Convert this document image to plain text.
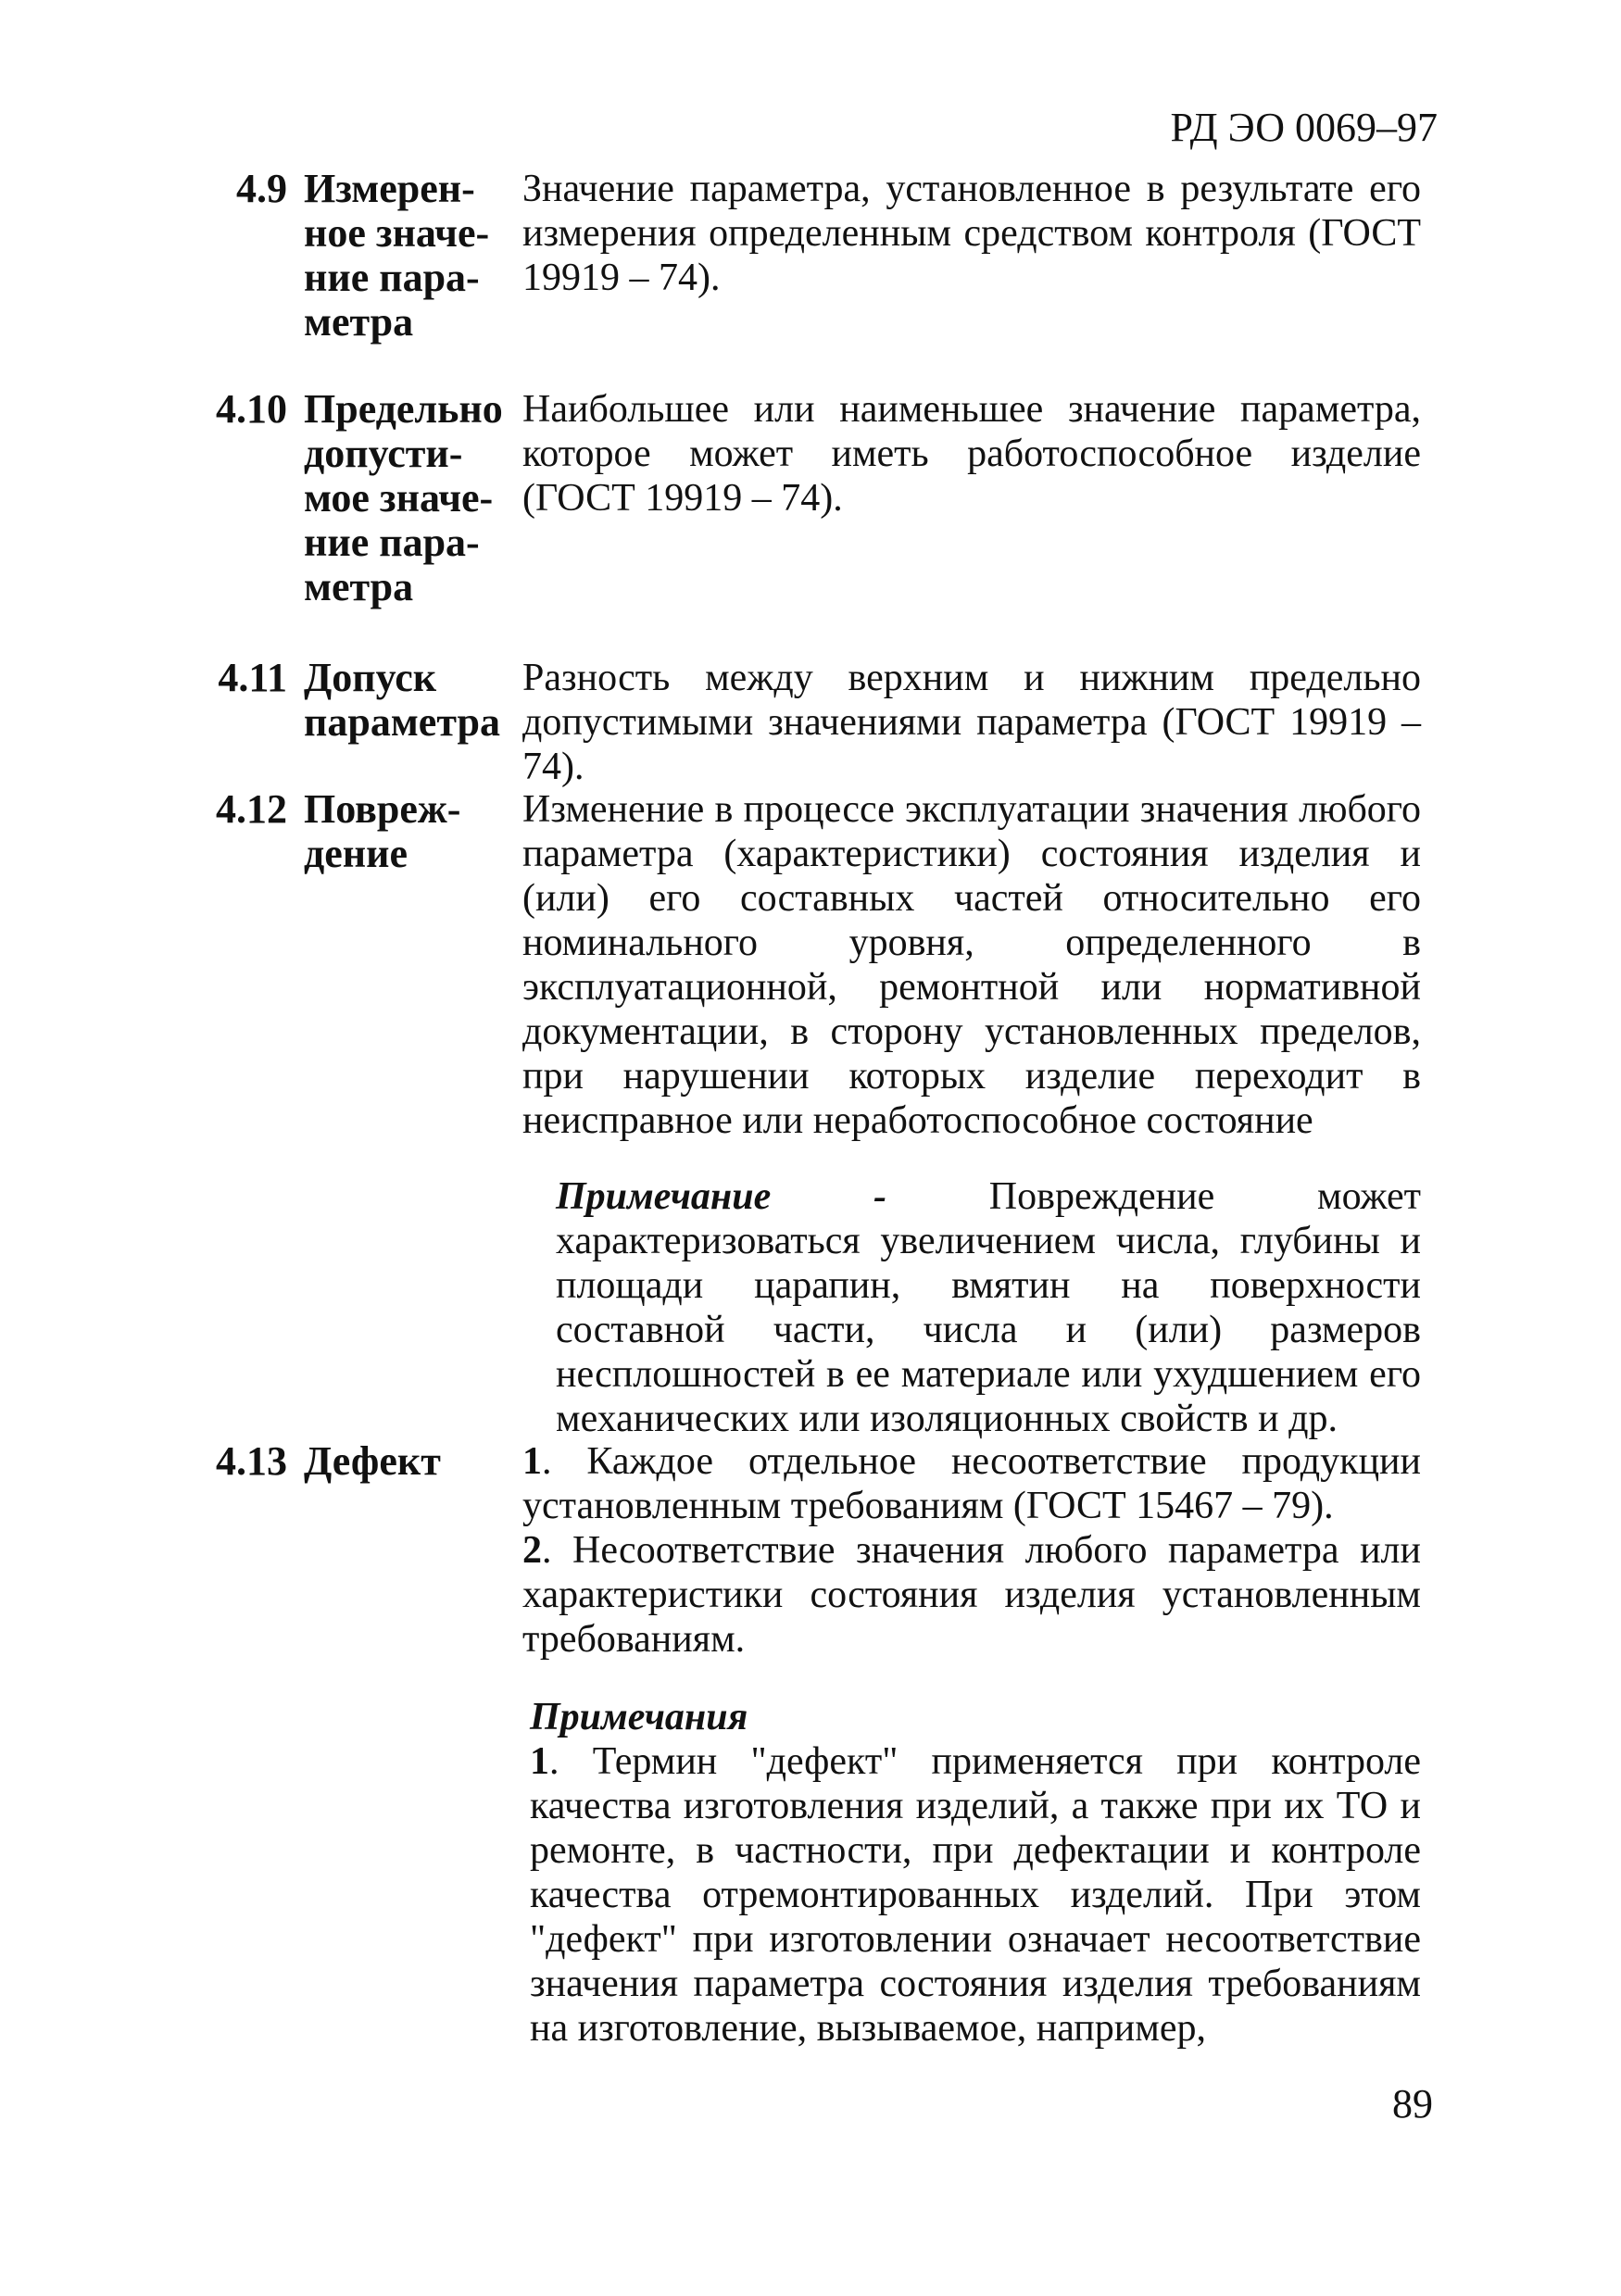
РД ЭО 0069–97
4.9 Измерен-
ное значе-
ние пара-
метра
Значение параметра, установленное в результате его измерения определенным средством контроля (ГОСТ 19919 – 74).
4.10 Предельно
допусти-
мое значе-
ние пара-
метра
Наибольшее или наименьшее значение параметра, которое может иметь работоспособное изделие (ГОСТ 19919 – 74).
4.11 Допуск
параметра
Разность между верхним и нижним предельно допустимыми значениями параметра (ГОСТ 19919 – 74).
4.12 Повреж-
дение
Изменение в процессе эксплуатации значения любого параметра (характеристики) состояния изделия и (или) его составных частей относительно его номинального уровня, определенного в эксплуатационной, ремонтной или нормативной документации, в сторону установленных пределов, при нарушении которых изделие переходит в неисправное или неработоспособное состояние

Примечание - Повреждение может характеризоваться увеличением числа, глубины и площади царапин, вмятин на поверхности составной части, числа и (или) размеров несплошностей в ее материале или ухудшением его механических или изоляционных свойств и др.

4.13 Дефект	1. Каждое отдельное несоответствие продукции установленным требованиям (ГОСТ 15467 – 79).

2. Несоответствие значения любого параметра или характеристики состояния изделия установленным требованиям.

Примечания

1. Термин "дефект" применяется при контроле качества изготовления изделий, а также при их ТО и ремонте, в частности, при дефектации и контроле качества отремонтированных изделий. При этом "дефект" при изготовлении означает несоответствие значения параметра состояния изделия требованиям на изготовление, вызываемое, например,

89
